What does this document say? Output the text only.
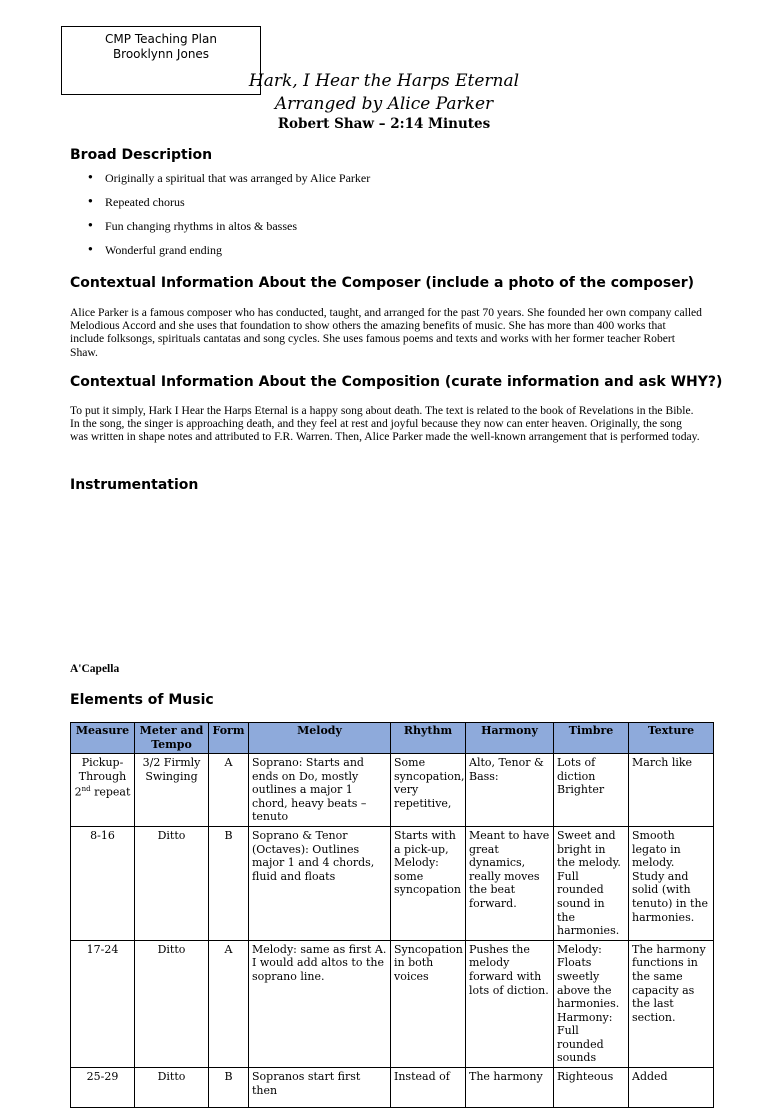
CMP Teaching Plan
Brooklynn Jones
Hark, I Hear the Harps Eternal
Arranged by Alice Parker
Robert Shaw – 2:14 Minutes
Broad Description
● Originally a spiritual that was arranged by Alice Parker
● Repeated chorus
● Fun changing rhythms in altos & basses
● Wonderful grand ending
Contextual Information About the Composer (include a photo of the composer)

Alice Parker is a famous composer who has conducted, taught, and arranged for the past 70 years. She founded her own company called Melodious Accord and she uses that foundation to show others the amazing benefits of music. She has more than 400 works that include folksongs, spirituals cantatas and song cycles. She uses famous poems and texts and works with her former teacher Robert Shaw.

Contextual Information About the Composition (curate information and ask WHY?)

To put it simply, Hark I Hear the Harps Eternal is a happy song about death. The text is related to the book of Revelations in the Bible. In the song, the singer is approaching death, and they feel at rest and joyful because they now can enter heaven. Originally, the song was written in shape notes and attributed to F.R. Warren. Then, Alice Parker made the well-known arrangement that is performed today.

Instrumentation
A'Capella
Elements of Music
Measure	Meter and Tempo	Form	Melody	Rhythm	Harmony	Timbre	Texture
Pickup- Through 2nd repeat	3/2 Firmly Swinging	A	Soprano: Starts and ends on Do, mostly outlines a major 1 chord, heavy beats – tenuto	Some syncopation, very repetitive,	Alto, Tenor & Bass:	Lots of diction Brighter	March like
8-16	Ditto	B	Soprano & Tenor (Octaves): Outlines major 1 and 4 chords, fluid and floats	Starts with a pick-up, Melody: some syncopation	Meant to have great dynamics, really moves the beat forward.	Sweet and bright in the melody. Full rounded sound in the harmonies.	Smooth legato in melody. Study and solid (with tenuto) in the harmonies.
17-24	Ditto	A	Melody: same as first A. I would add altos to the soprano line.	Syncopation in both voices	Pushes the melody forward with lots of diction.	Melody: Floats sweetly above the harmonies. Harmony: Full rounded sounds	The harmony functions in the same capacity as the last section.
25-29	Ditto	B	Sopranos start first then	Instead of	The harmony	Righteous	Added
